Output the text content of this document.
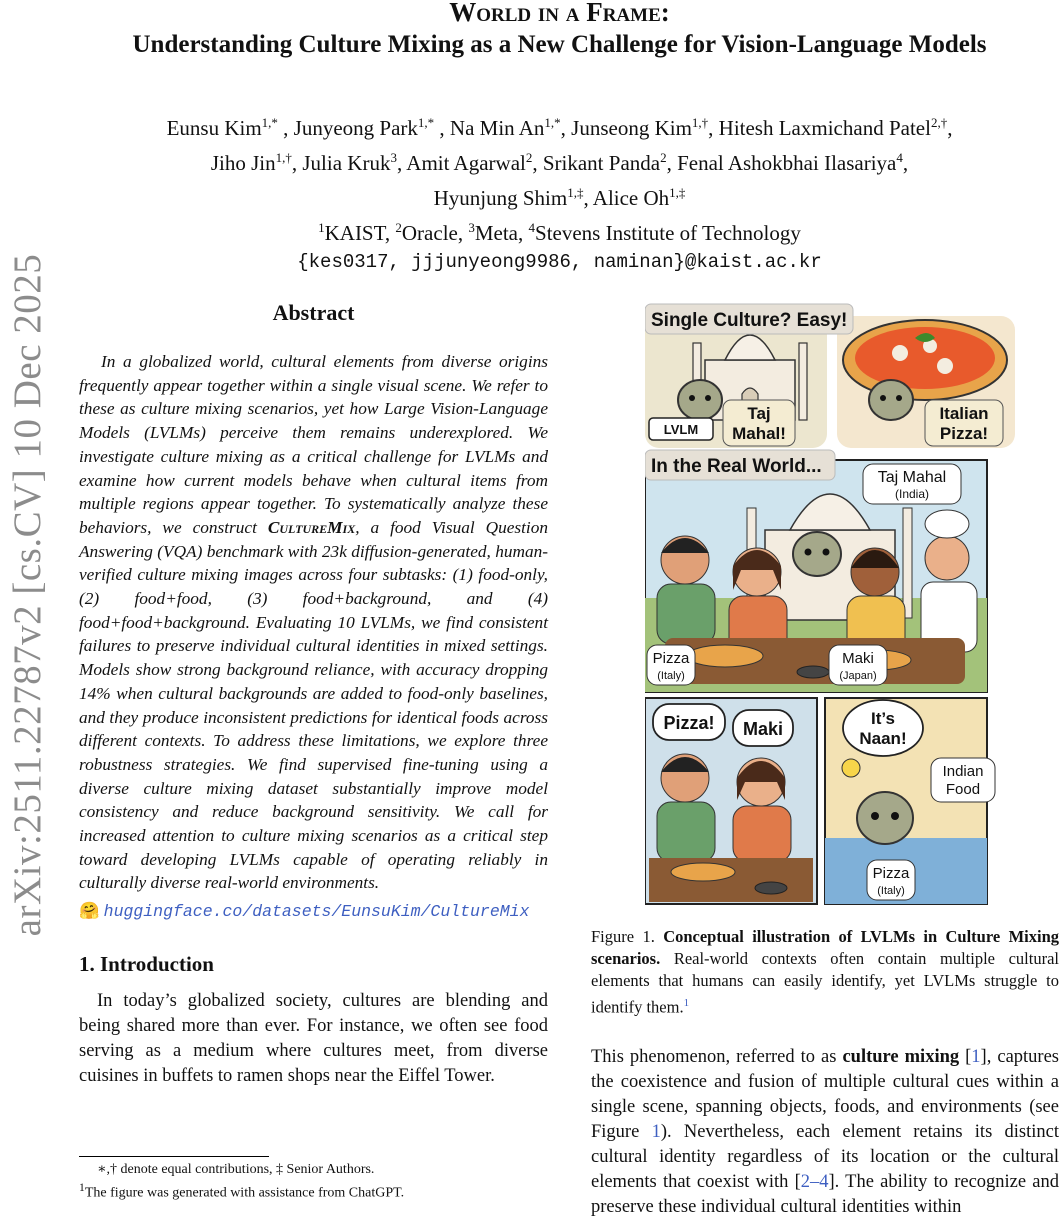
arXiv:2511.22787v2 [cs.CV] 10 Dec 2025
World in a Frame:
Understanding Culture Mixing as a New Challenge for Vision-Language Models
Eunsu Kim$^{1,*}$ , Junyeong Park$^{1,*}$ , Na Min $An^{1,*}$, Junseong Kim$^{1,\dagger}$, Hitesh Laxmichand Patel$^{2,\dagger}$,
Jiho Jin$^{1,\dagger}$, Julia Kruk$^3$, Amit Agarwal$^2$, Srikant Panda$^2$, Fenal Ashokbhai Ilasariya$^4$,
Hyunjung Shim$^{1,\ddagger}$, Alice $Oh^{1,\ddagger}$
$^1$KAIST, $^2$Oracle, $^3$Meta, $^4$Stevens Institute of Technology
{kes0317, jjjunyeong9986, naminan}@kaist.ac.kr
Abstract

In a globalized world, cultural elements from diverse origins frequently appear together within a single visual scene. We refer to these as culture mixing scenarios, yet how Large Vision-Language Models (LVLMs) perceive them remains underexplored. We investigate culture mixing as a critical challenge for LVLMs and examine how current models behave when cultural items from multiple regions appear together. To systematically analyze these behaviors, we construct CultureMix, a food Visual Question Answering (VQA) benchmark with 23k diffusion-generated, human-verified culture mixing images across four subtasks: (1) food-only, (2) food+food, (3) food+background, and (4) food+food+background. Evaluating 10 LVLMs, we find consistent failures to preserve individual cultural identities in mixed settings. Models show strong background reliance, with accuracy dropping 14% when cultural backgrounds are added to food-only baselines, and they produce inconsistent predictions for identical foods across different contexts. To address these limitations, we explore three robustness strategies. We find supervised fine-tuning using a diverse culture mixing dataset substantially improve model consistency and reduce background sensitivity. We call for increased attention to culture mixing scenarios as a critical step toward developing LVLMs capable of operating reliably in culturally diverse real-world environments.

🤗 huggingface.co/datasets/EunsuKim/CultureMix
1. Introduction

In today’s globalized society, cultures are blending and being shared more than ever. For instance, we often see food serving as a medium where cultures meet, from diverse cuisines in buffets to ramen shops near the Eiffel Tower.

∗,† denote equal contributions, ‡ Senior Authors.
$^1$The figure was generated with assistance from ChatGPT.
Single Culture? Easy!
LVLM
Taj
Mahal!
Italian
Pizza!
In the Real World...
Taj Mahal
(India)
Pizza
(Italy)
Maki
(Japan)
Pizza! Maki
It’s
Naan!
Indian
Food
Pizza
(Italy)
Figure 1. Conceptual illustration of LVLMs in Culture Mixing scenarios. Real-world contexts often contain multiple cultural elements that humans can easily identify, yet LVLMs struggle to identify them.$^1$
This phenomenon, referred to as culture mixing [1], captures the coexistence and fusion of multiple cultural cues within a single scene, spanning objects, foods, and environments (see Figure 1). Nevertheless, each element retains its distinct cultural identity regardless of its location or the cultural elements that coexist with [2–4]. The ability to recognize and preserve these individual cultural identities within
